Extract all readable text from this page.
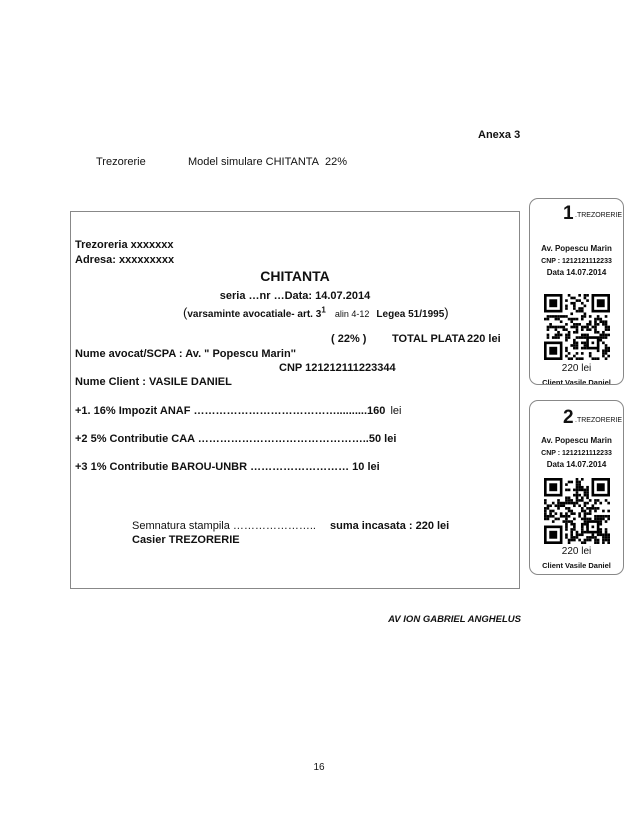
Anexa 3
Trezorerie	Model simulare CHITANTA 22%
Trezoreria xxxxxxx
Adresa: xxxxxxxxx
CHITANTA
seria …nr …Data: 14.07.2014
(varsaminte avocatiale- art. $3^1$ alin 4-12 Legea 51/1995)
( 22% ) TOTAL PLATA 220 lei
Nume avocat/SCPA : Av. " Popescu Marin''
CNP 121212111223344
Nume Client : VASILE DANIEL
+1. 16% Impozit ANAF …………………………………..........160 lei
+2 5% Contributie CAA ………………………………………..50 lei
+3 1% Contributie BAROU-UNBR ……………………… 10 lei
Semnatura stampila …………………..
Casier TREZORERIE
suma incasata : 220 lei
1 .TREZORERIE
Av. Popescu Marin
CNP : 1212121112233
Data 14.07.2014
220 lei
Client Vasile Daniel
2 .TREZORERIE
Av. Popescu Marin
CNP : 1212121112233
Data 14.07.2014
220 lei
Client Vasile Daniel
AV ION GABRIEL ANGHELUS
16
